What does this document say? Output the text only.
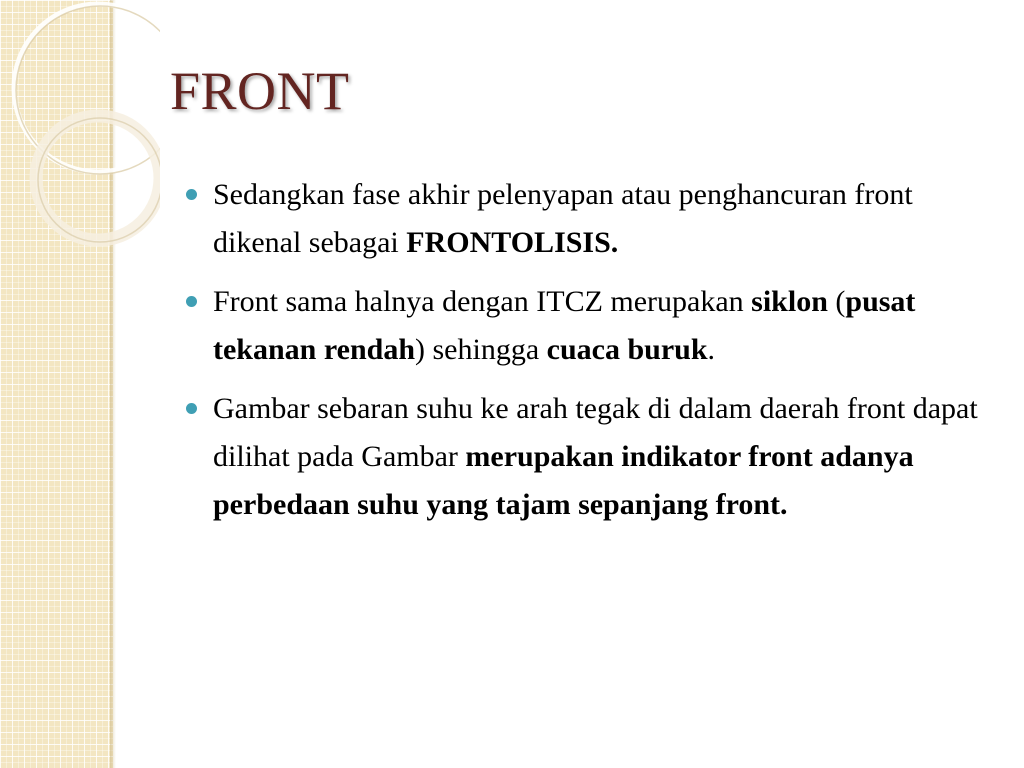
FRONT
Sedangkan fase akhir pelenyapan atau penghancuran front dikenal sebagai FRONTOLISIS.
Front sama halnya dengan ITCZ merupakan siklon (pusat tekanan rendah) sehingga cuaca buruk.
Gambar sebaran suhu ke arah tegak di dalam daerah front dapat dilihat pada Gambar merupakan indikator front adanya perbedaan suhu yang tajam sepanjang front.
